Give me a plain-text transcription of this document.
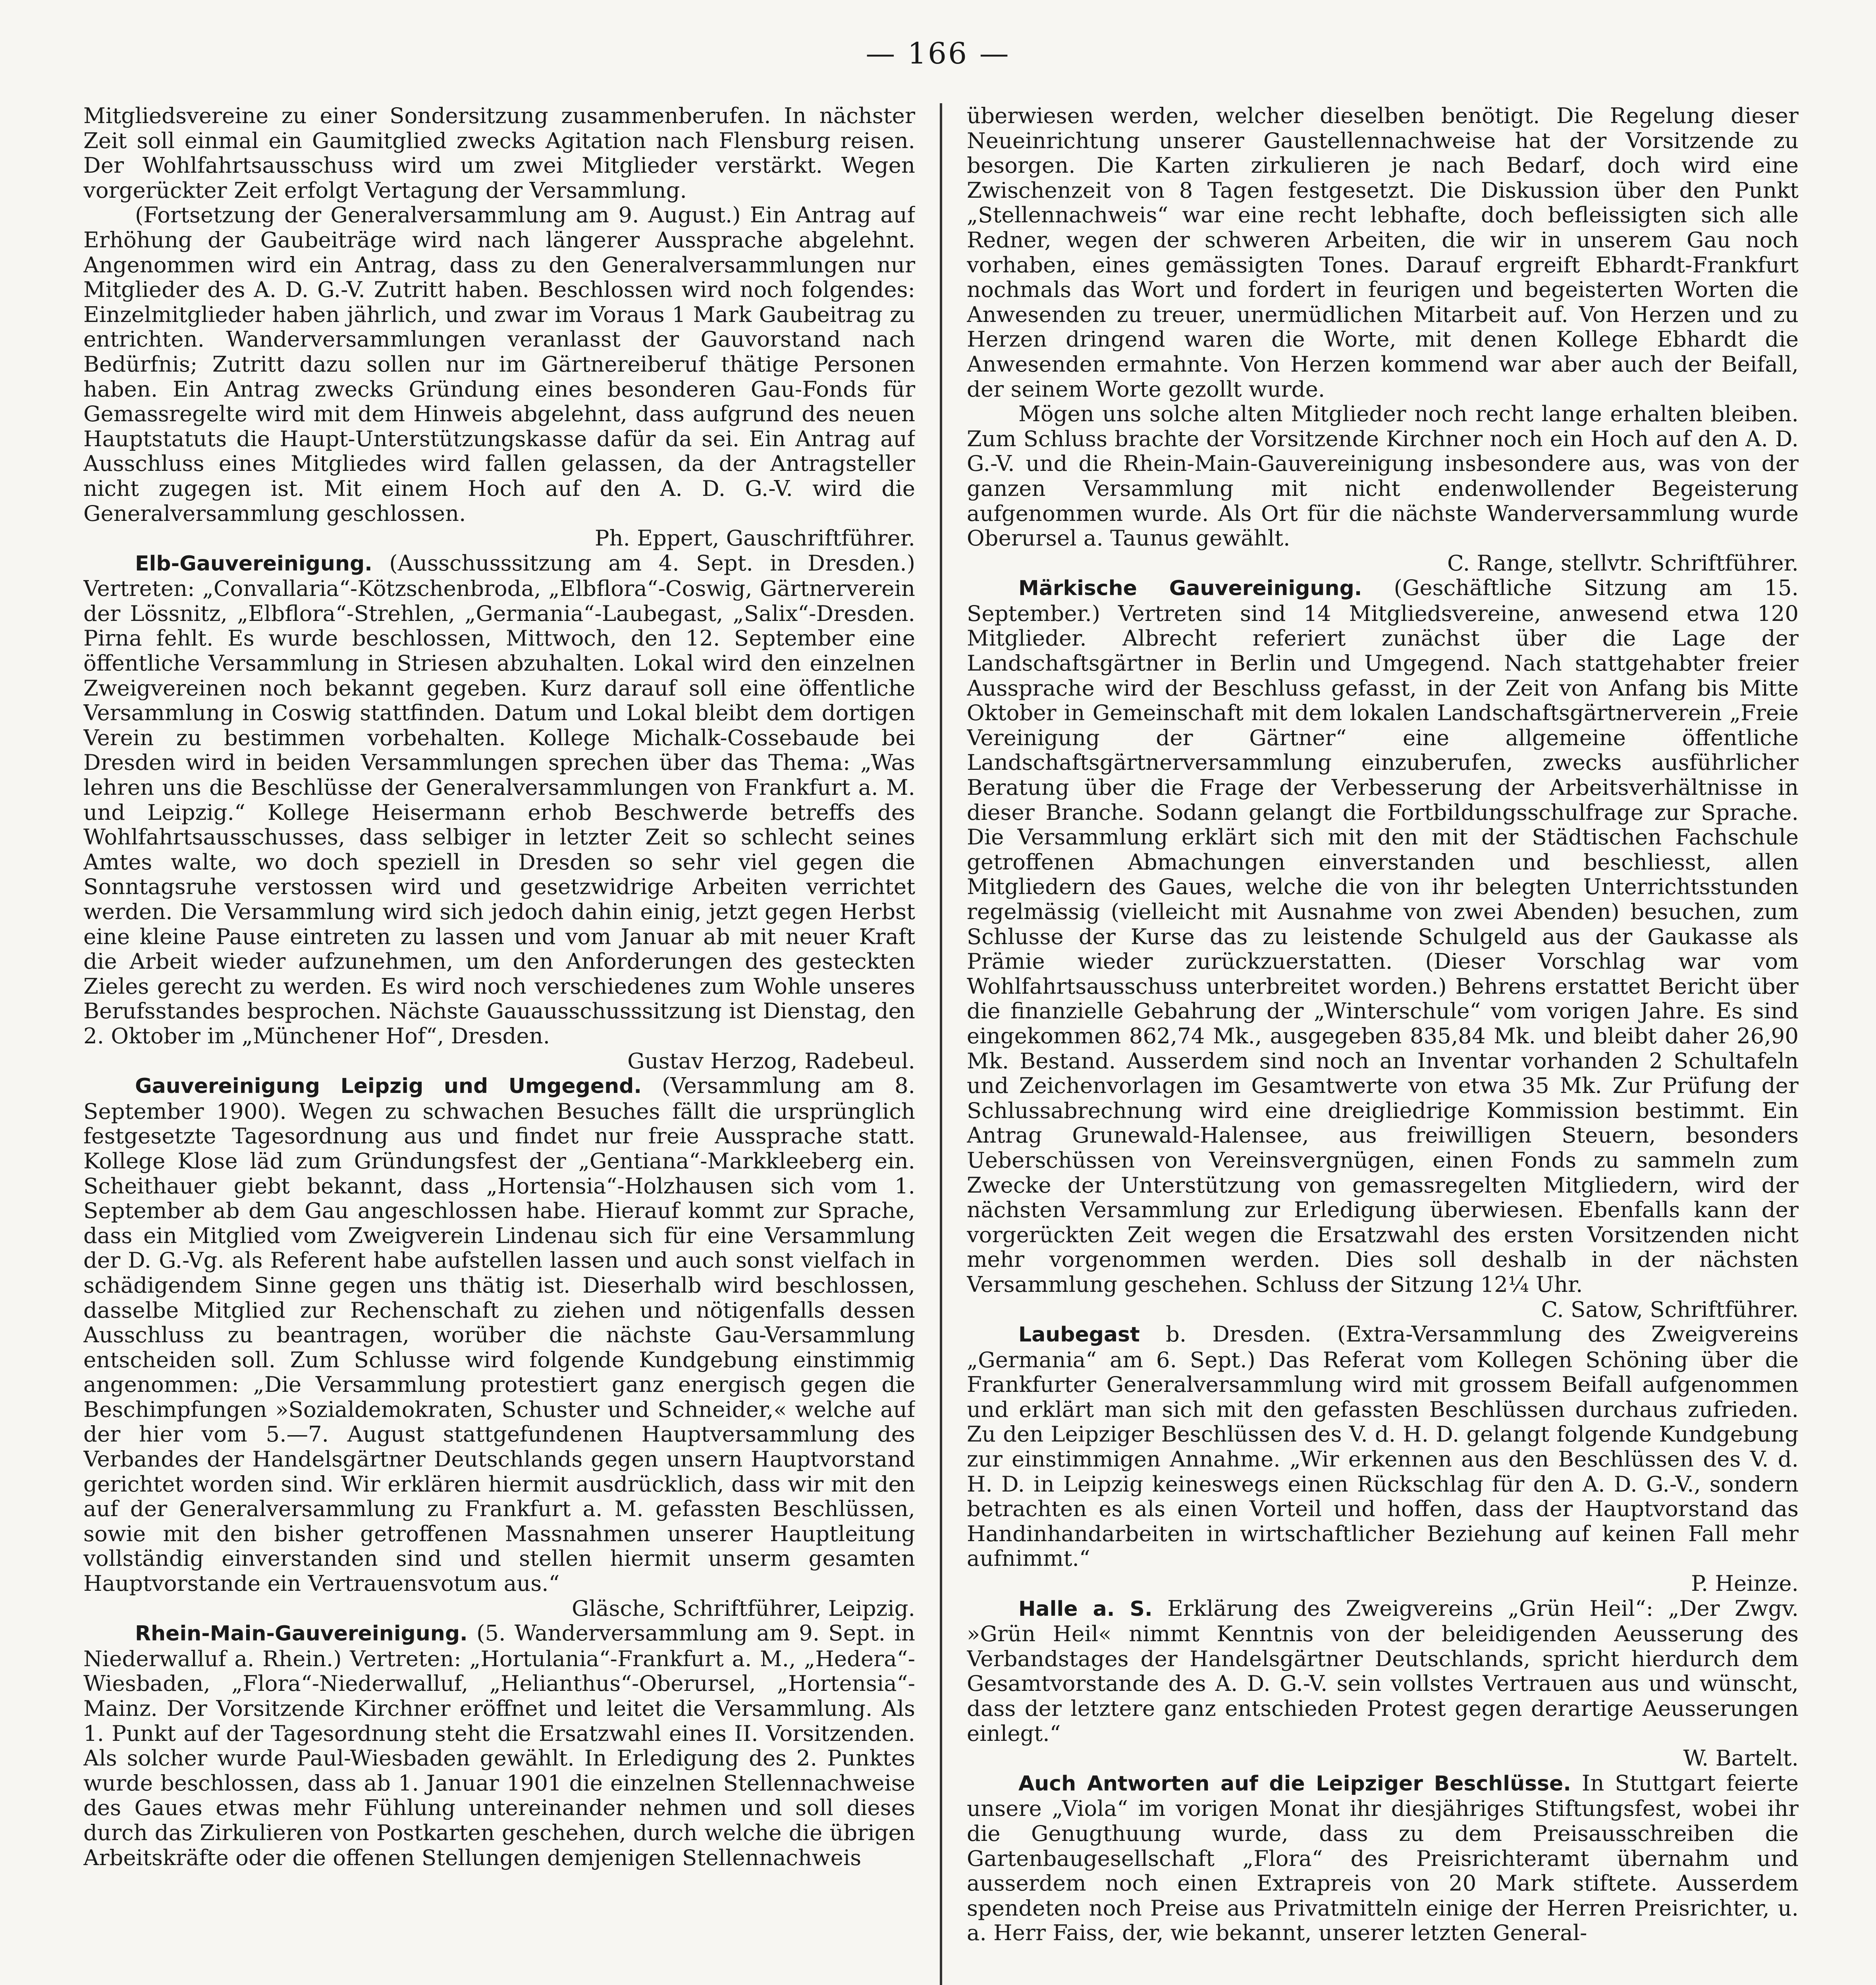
— 166 —

Mitgliedsvereine zu einer Sondersitzung zusammenberufen. In nächster Zeit soll einmal ein Gaumitglied zwecks Agitation nach Flensburg reisen. Der Wohlfahrtsausschuss wird um zwei Mitglieder verstärkt. Wegen vorgerückter Zeit erfolgt Vertagung der Versammlung.

(Fortsetzung der Generalversammlung am 9. August.) Ein Antrag auf Erhöhung der Gaubeiträge wird nach längerer Aussprache abgelehnt. Angenommen wird ein Antrag, dass zu den Generalversammlungen nur Mitglieder des A. D. G.-V. Zutritt haben. Beschlossen wird noch folgendes: Einzelmitglieder haben jährlich, und zwar im Voraus 1 Mark Gaubeitrag zu entrichten. Wanderversammlungen veranlasst der Gauvorstand nach Bedürfnis; Zutritt dazu sollen nur im Gärtnereiberuf thätige Personen haben. Ein Antrag zwecks Gründung eines besonderen Gau-Fonds für Gemassregelte wird mit dem Hinweis abgelehnt, dass aufgrund des neuen Hauptstatuts die Haupt-Unterstützungskasse dafür da sei. Ein Antrag auf Ausschluss eines Mitgliedes wird fallen gelassen, da der Antragsteller nicht zugegen ist. Mit einem Hoch auf den A. D. G.-V. wird die Generalversammlung geschlossen.

Ph. Eppert, Gauschriftführer.

Elb-Gauvereinigung. (Ausschusssitzung am 4. Sept. in Dresden.) Vertreten: „Convallaria“-Kötzschenbroda, „Elbflora“-Coswig, Gärtnerverein der Lössnitz, „Elbflora“-Strehlen, „Germania“-Laubegast, „Salix“-Dresden. Pirna fehlt. Es wurde beschlossen, Mittwoch, den 12. September eine öffentliche Versammlung in Striesen abzuhalten. Lokal wird den einzelnen Zweigvereinen noch bekannt gegeben. Kurz darauf soll eine öffentliche Versammlung in Coswig stattfinden. Datum und Lokal bleibt dem dortigen Verein zu bestimmen vorbehalten. Kollege Michalk-Cossebaude bei Dresden wird in beiden Versammlungen sprechen über das Thema: „Was lehren uns die Beschlüsse der Generalversammlungen von Frankfurt a. M. und Leipzig.“ Kollege Heisermann erhob Beschwerde betreffs des Wohlfahrtsausschusses, dass selbiger in letzter Zeit so schlecht seines Amtes walte, wo doch speziell in Dresden so sehr viel gegen die Sonntagsruhe verstossen wird und gesetzwidrige Arbeiten verrichtet werden. Die Versammlung wird sich jedoch dahin einig, jetzt gegen Herbst eine kleine Pause eintreten zu lassen und vom Januar ab mit neuer Kraft die Arbeit wieder aufzunehmen, um den Anforderungen des gesteckten Zieles gerecht zu werden. Es wird noch verschiedenes zum Wohle unseres Berufsstandes besprochen. Nächste Gauausschusssitzung ist Dienstag, den 2. Oktober im „Münchener Hof“, Dresden.

Gustav Herzog, Radebeul.

Gauvereinigung Leipzig und Umgegend. (Versammlung am 8. September 1900). Wegen zu schwachen Besuches fällt die ursprünglich festgesetzte Tagesordnung aus und findet nur freie Aussprache statt. Kollege Klose läd zum Gründungsfest der „Gentiana“-Markkleeberg ein. Scheithauer giebt bekannt, dass „Hortensia“-Holzhausen sich vom 1. September ab dem Gau angeschlossen habe. Hierauf kommt zur Sprache, dass ein Mitglied vom Zweigverein Lindenau sich für eine Versammlung der D. G.-Vg. als Referent habe aufstellen lassen und auch sonst vielfach in schädigendem Sinne gegen uns thätig ist. Dieserhalb wird beschlossen, dasselbe Mitglied zur Rechenschaft zu ziehen und nötigenfalls dessen Ausschluss zu beantragen, worüber die nächste Gau-Versammlung entscheiden soll. Zum Schlusse wird folgende Kundgebung einstimmig angenommen: „Die Versammlung protestiert ganz energisch gegen die Beschimpfungen »Sozialdemokraten, Schuster und Schneider,« welche auf der hier vom 5.—7. August stattgefundenen Hauptversammlung des Verbandes der Handelsgärtner Deutschlands gegen unsern Hauptvorstand gerichtet worden sind. Wir erklären hiermit ausdrücklich, dass wir mit den auf der Generalversammlung zu Frankfurt a. M. gefassten Beschlüssen, sowie mit den bisher getroffenen Massnahmen unserer Hauptleitung vollständig einverstanden sind und stellen hiermit unserm gesamten Hauptvorstande ein Vertrauensvotum aus.“

Gläsche, Schriftführer, Leipzig.

Rhein-Main-Gauvereinigung. (5. Wanderversammlung am 9. Sept. in Niederwalluf a. Rhein.) Vertreten: „Hortulania“-Frankfurt a. M., „Hedera“-Wiesbaden, „Flora“-Niederwalluf, „Helianthus“-Oberursel, „Hortensia“-Mainz. Der Vorsitzende Kirchner eröffnet und leitet die Versammlung. Als 1. Punkt auf der Tagesordnung steht die Ersatzwahl eines II. Vorsitzenden. Als solcher wurde Paul-Wiesbaden gewählt. In Erledigung des 2. Punktes wurde beschlossen, dass ab 1. Januar 1901 die einzelnen Stellennachweise des Gaues etwas mehr Fühlung untereinander nehmen und soll dieses durch das Zirkulieren von Postkarten geschehen, durch welche die übrigen Arbeitskräfte oder die offenen Stellungen demjenigen Stellennachweis

überwiesen werden, welcher dieselben benötigt. Die Regelung dieser Neueinrichtung unserer Gaustellennachweise hat der Vorsitzende zu besorgen. Die Karten zirkulieren je nach Bedarf, doch wird eine Zwischenzeit von 8 Tagen festgesetzt. Die Diskussion über den Punkt „Stellennachweis“ war eine recht lebhafte, doch befleissigten sich alle Redner, wegen der schweren Arbeiten, die wir in unserem Gau noch vorhaben, eines gemässigten Tones. Darauf ergreift Ebhardt-Frankfurt nochmals das Wort und fordert in feurigen und begeisterten Worten die Anwesenden zu treuer, unermüdlichen Mitarbeit auf. Von Herzen und zu Herzen dringend waren die Worte, mit denen Kollege Ebhardt die Anwesenden ermahnte. Von Herzen kommend war aber auch der Beifall, der seinem Worte gezollt wurde.

Mögen uns solche alten Mitglieder noch recht lange erhalten bleiben. Zum Schluss brachte der Vorsitzende Kirchner noch ein Hoch auf den A. D. G.-V. und die Rhein-Main-Gauvereinigung insbesondere aus, was von der ganzen Versammlung mit nicht endenwollender Begeisterung aufgenommen wurde. Als Ort für die nächste Wanderversammlung wurde Oberursel a. Taunus gewählt.

C. Range, stellvtr. Schriftführer.

Märkische Gauvereinigung. (Geschäftliche Sitzung am 15. September.) Vertreten sind 14 Mitgliedsvereine, anwesend etwa 120 Mitglieder. Albrecht referiert zunächst über die Lage der Landschaftsgärtner in Berlin und Umgegend. Nach stattgehabter freier Aussprache wird der Beschluss gefasst, in der Zeit von Anfang bis Mitte Oktober in Gemeinschaft mit dem lokalen Landschaftsgärtnerverein „Freie Vereinigung der Gärtner“ eine allgemeine öffentliche Landschaftsgärtnerversammlung einzuberufen, zwecks ausführlicher Beratung über die Frage der Verbesserung der Arbeitsverhältnisse in dieser Branche. Sodann gelangt die Fortbildungsschulfrage zur Sprache. Die Versammlung erklärt sich mit den mit der Städtischen Fachschule getroffenen Abmachungen einverstanden und beschliesst, allen Mitgliedern des Gaues, welche die von ihr belegten Unterrichtsstunden regelmässig (vielleicht mit Ausnahme von zwei Abenden) besuchen, zum Schlusse der Kurse das zu leistende Schulgeld aus der Gaukasse als Prämie wieder zurückzuerstatten. (Dieser Vorschlag war vom Wohlfahrtsausschuss unterbreitet worden.) Behrens erstattet Bericht über die finanzielle Gebahrung der „Winterschule“ vom vorigen Jahre. Es sind eingekommen 862,74 Mk., ausgegeben 835,84 Mk. und bleibt daher 26,90 Mk. Bestand. Ausserdem sind noch an Inventar vorhanden 2 Schultafeln und Zeichenvorlagen im Gesamtwerte von etwa 35 Mk. Zur Prüfung der Schlussabrechnung wird eine dreigliedrige Kommission bestimmt. Ein Antrag Grunewald-Halensee, aus freiwilligen Steuern, besonders Ueberschüssen von Vereinsvergnügen, einen Fonds zu sammeln zum Zwecke der Unterstützung von gemassregelten Mitgliedern, wird der nächsten Versammlung zur Erledigung überwiesen. Ebenfalls kann der vorgerückten Zeit wegen die Ersatzwahl des ersten Vorsitzenden nicht mehr vorgenommen werden. Dies soll deshalb in der nächsten Versammlung geschehen. Schluss der Sitzung 12¼ Uhr.

C. Satow, Schriftführer.

Laubegast b. Dresden. (Extra-Versammlung des Zweigvereins „Germania“ am 6. Sept.) Das Referat vom Kollegen Schöning über die Frankfurter Generalversammlung wird mit grossem Beifall aufgenommen und erklärt man sich mit den gefassten Beschlüssen durchaus zufrieden. Zu den Leipziger Beschlüssen des V. d. H. D. gelangt folgende Kundgebung zur einstimmigen Annahme. „Wir erkennen aus den Beschlüssen des V. d. H. D. in Leipzig keineswegs einen Rückschlag für den A. D. G.-V., sondern betrachten es als einen Vorteil und hoffen, dass der Hauptvorstand das Handinhandarbeiten in wirtschaftlicher Beziehung auf keinen Fall mehr aufnimmt.“

P. Heinze.

Halle a. S. Erklärung des Zweigvereins „Grün Heil“: „Der Zwgv. »Grün Heil« nimmt Kenntnis von der beleidigenden Aeusserung des Verbandstages der Handelsgärtner Deutschlands, spricht hierdurch dem Gesamtvorstande des A. D. G.-V. sein vollstes Vertrauen aus und wünscht, dass der letztere ganz entschieden Protest gegen derartige Aeusserungen einlegt.“

W. Bartelt.

Auch Antworten auf die Leipziger Beschlüsse. In Stuttgart feierte unsere „Viola“ im vorigen Monat ihr diesjähriges Stiftungsfest, wobei ihr die Genugthuung wurde, dass zu dem Preisausschreiben die Gartenbaugesellschaft „Flora“ des Preisrichteramt übernahm und ausserdem noch einen Extrapreis von 20 Mark stiftete. Ausserdem spendeten noch Preise aus Privatmitteln einige der Herren Preisrichter, u. a. Herr Faiss, der, wie bekannt, unserer letzten General-
